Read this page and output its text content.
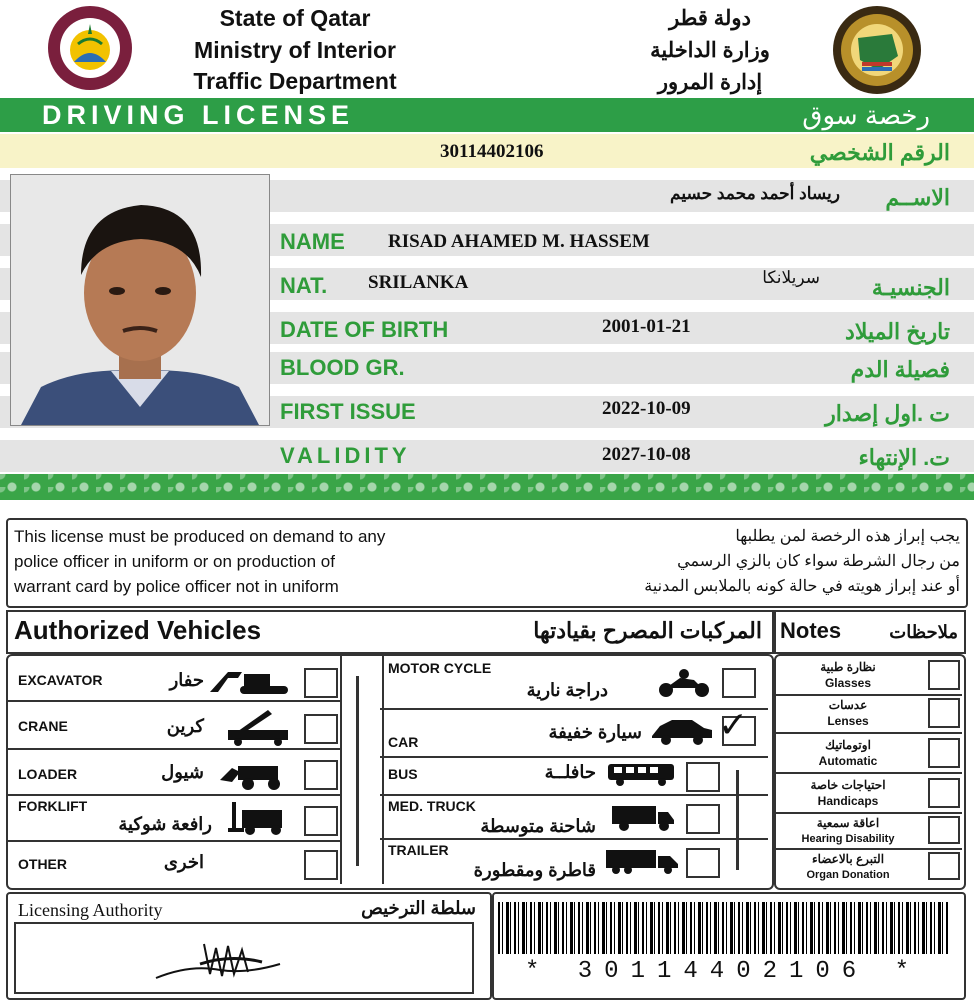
State of Qatar
Ministry of Interior
Traffic Department
دولة قطر
وزارة الداخلية
إدارة المرور
DRIVING LICENSE	رخصة سوق
30114402106	الرقم الشخصي
ريساد أحمد محمد حسيم	الاســم
NAME RISAD AHAMED M. HASSEM
NAT. SRILANKA	سريلانكا	الجنسيـة
DATE OF BIRTH	2001-01-21	تاريخ الميلاد
BLOOD GR.	فصيلة الدم
FIRST ISSUE	2022-10-09	ت .اول إصدار
VALIDITY	2027-10-08	ت. الإنتهاء
This license must be produced on demand to any
police officer in uniform or on production of
warrant card by police officer not in uniform
يجب إبراز هذه الرخصة لمن يطلبها
من رجال الشرطة سواء كان بالزي الرسمي
أو عند إبراز هويته في حالة كونه بالملابس المدنية
Authorized Vehicles	المركبات المصرح بقيادتها Notes	ملاحظات
EXCAVATOR	حفار
CRANE	كرين
LOADER	شيول
FORKLIFT
رافعة شوكية
OTHER	اخرى
MOTOR CYCLE
دراجة نارية
CAR	سيارة خفيفة ✓
BUS	حافلــة
MED. TRUCK
شاحنة متوسطة
TRAILER
قاطرة ومقطورة
نظارة طبية
Glasses
عدسات
Lenses
اوتوماتيك
Automatic
احتياجات خاصة
Handicaps
اعاقة سمعية
Hearing Disability
التبرع بالاعضاء
Organ Donation
Licensing Authority	سلطة الترخيص
* 30114402106 *
